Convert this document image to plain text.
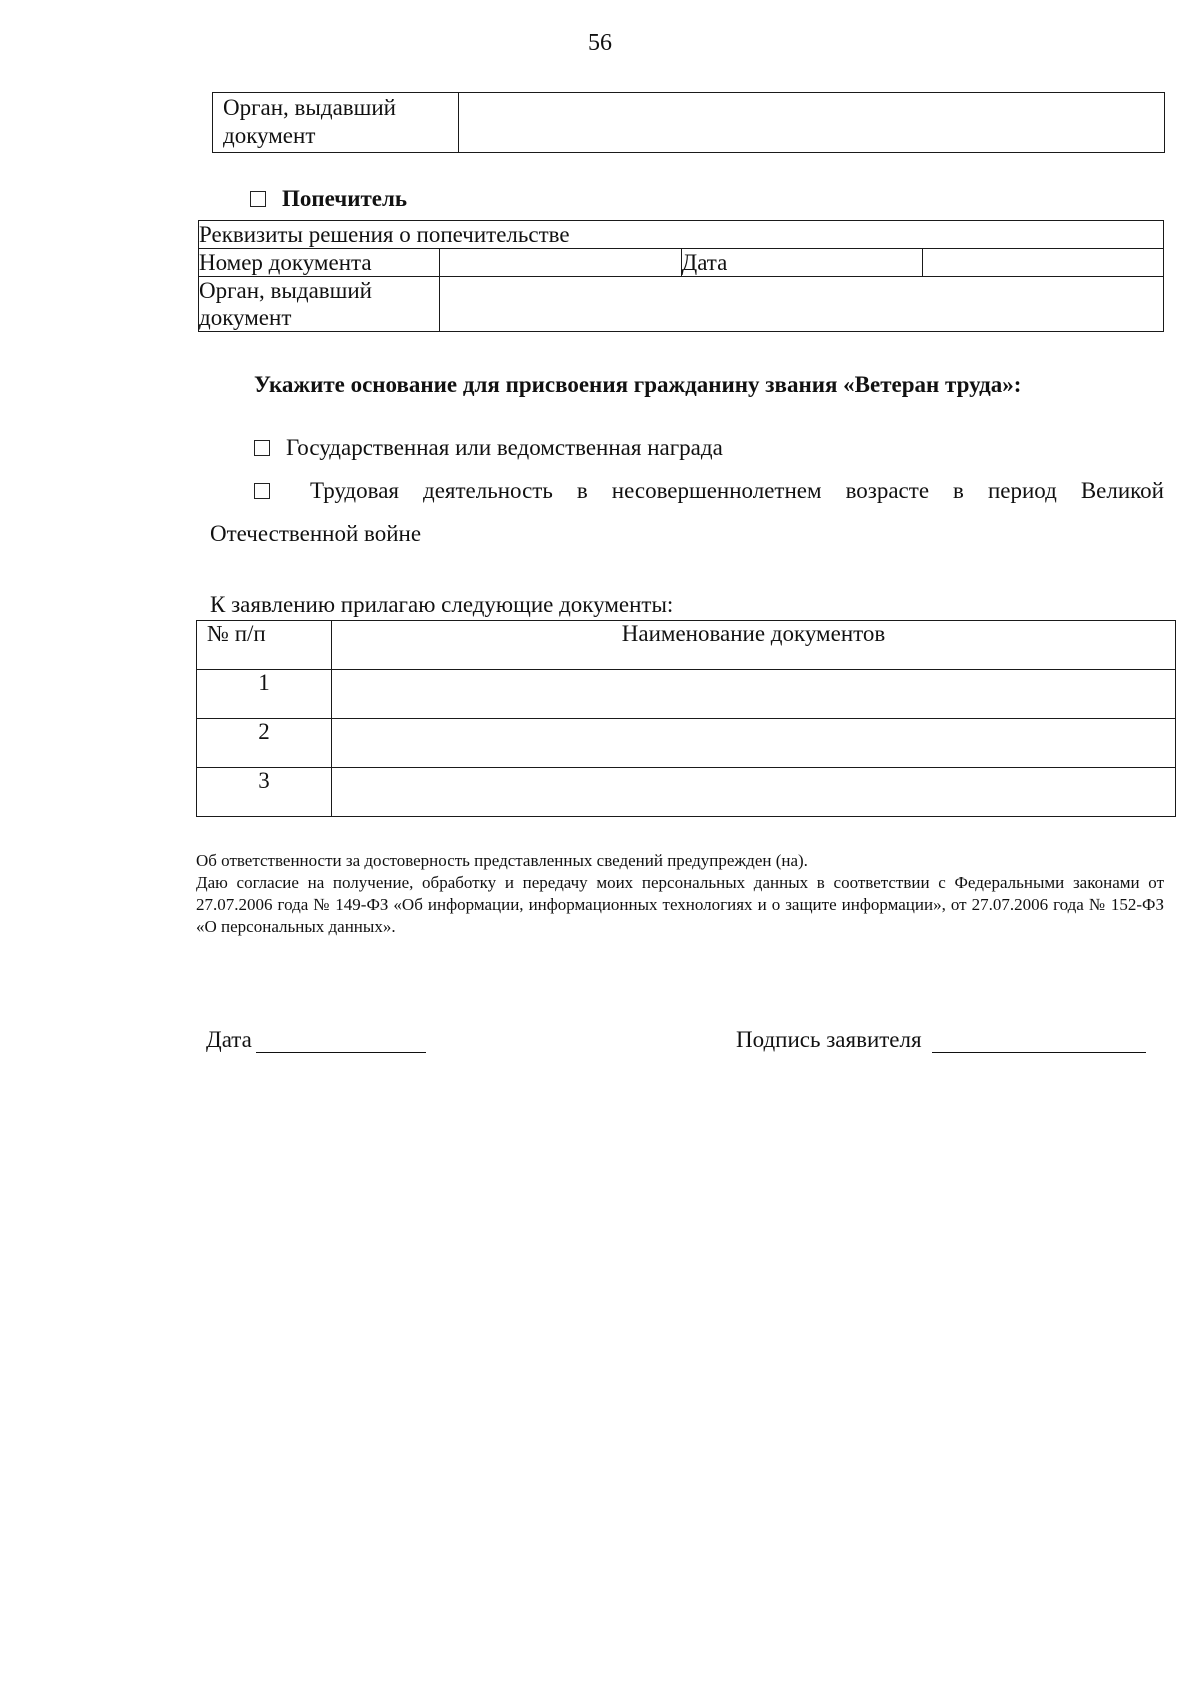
56
Орган, выдавший документ	
Попечитель
Реквизиты решения о попечительстве			
Номер документа		Дата	
Орган, выдавший документ			
Укажите основание для присвоения гражданину звания «Ветеран труда»:
Государственная или ведомственная награда
Трудовая деятельность в несовершеннолетнем возрасте в период Великой
Отечественной войне
К заявлению прилагаю следующие документы:
№ п/п	Наименование документов
1	
2	
3	
Об ответственности за достоверность представленных сведений предупрежден (на).
Даю согласие на получение, обработку и передачу моих персональных данных в соответствии с Федеральными законами от 27.07.2006 года № 149-ФЗ «Об информации, информационных технологиях и о защите информации», от 27.07.2006 года № 152-ФЗ «О персональных данных».
Дата	Подпись заявителя
